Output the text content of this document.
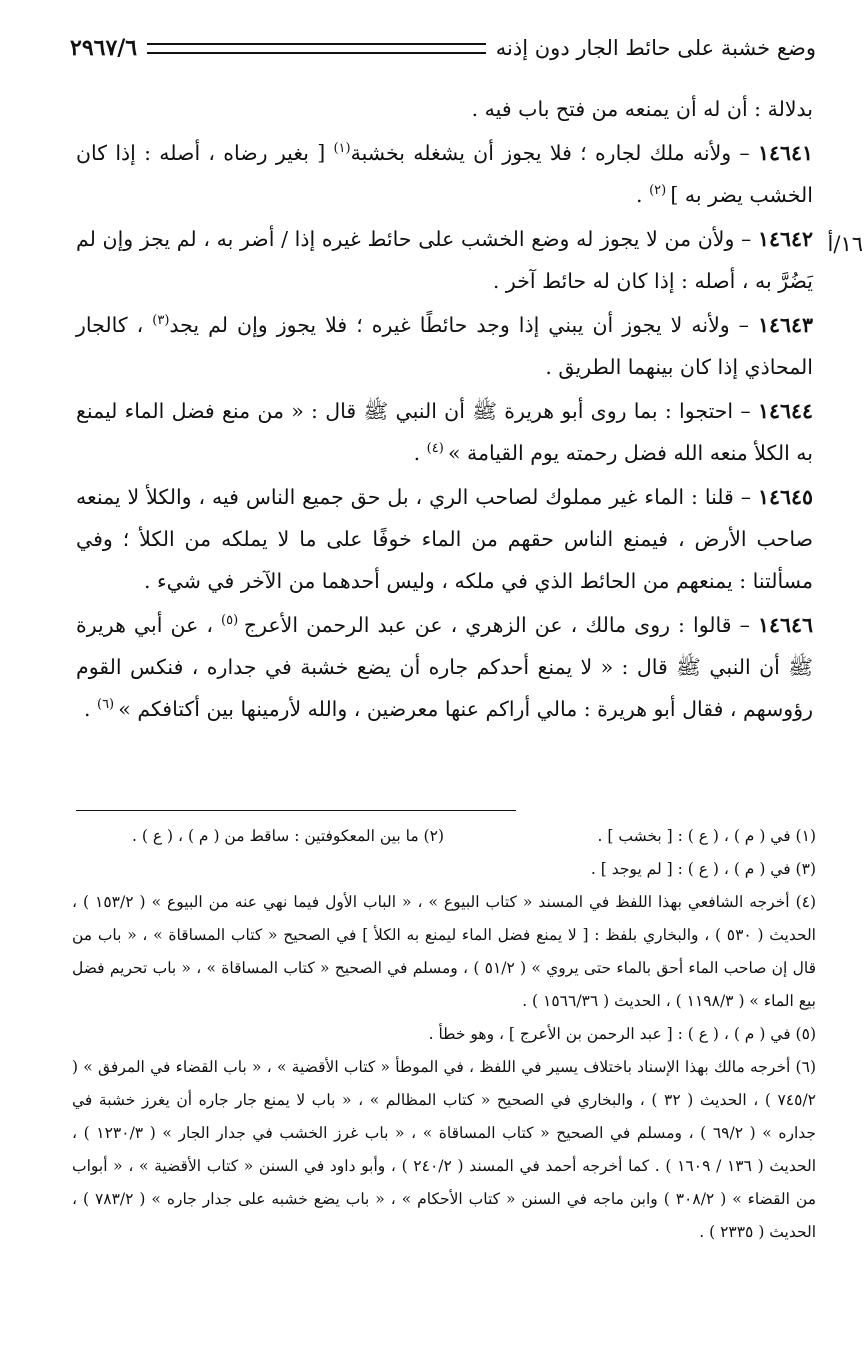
وضع خشبة على حائط الجار دون إذنه
٢٩٦٧/٦
١٦/أ

بدلالة : أن له أن يمنعه من فتح باب فيه .

١٤٦٤١ – ولأنه ملك لجاره ؛ فلا يجوز أن يشغله بخشبة$^{(١)}$ [ بغير رضاه ، أصله : إذا كان الخشب يضر به ] $^{(٢)}$ .

١٤٦٤٢ – ولأن من لا يجوز له وضع الخشب على حائط غيره إذا / أضر به ، لم يجز وإن لم يَضُرَّ به ، أصله : إذا كان له حائط آخر .

١٤٦٤٣ – ولأنه لا يجوز أن يبني إذا وجد حائطًا غيره ؛ فلا يجوز وإن لم يجد$^{(٣)}$ ، كالجار المحاذي إذا كان بينهما الطريق .

١٤٦٤٤ – احتجوا : بما روى أبو هريرة ﷺ أن النبي ﷺ قال : « من منع فضل الماء ليمنع به الكلأ منعه الله فضل رحمته يوم القيامة » $^{(٤)}$ .

١٤٦٤٥ – قلنا : الماء غير مملوك لصاحب الري ، بل حق جميع الناس فيه ، والكلأ لا يمنعه صاحب الأرض ، فيمنع الناس حقهم من الماء خوفًا على ما لا يملكه من الكلأ ؛ وفي مسألتنا : يمنعهم من الحائط الذي في ملكه ، وليس أحدهما من الآخر في شيء .

١٤٦٤٦ – قالوا : روى مالك ، عن الزهري ، عن عبد الرحمن الأعرج $^{(٥)}$ ، عن أبي هريرة ﷺ أن النبي ﷺ قال : « لا يمنع أحدكم جاره أن يضع خشبة في جداره ، فنكس القوم رؤوسهم ، فقال أبو هريرة : مالي أراكم عنها معرضين ، والله لأرمينها بين أكتافكم » $^{(٦)}$ .

(١) في ( م ) ، ( ع ) : [ بخشب ] .

(٢) ما بين المعكوفتين : ساقط من ( م ) ، ( ع ) .

(٣) في ( م ) ، ( ع ) : [ لم يوجد ] .

(٤) أخرجه الشافعي بهذا اللفظ في المسند « كتاب البيوع » ، « الباب الأول فيما نهي عنه من البيوع » ( ١٥٣/٢ ) ، الحديث ( ٥٣٠ ) ، والبخاري بلفظ : [ لا يمنع فضل الماء ليمنع به الكلأ ] في الصحيح « كتاب المساقاة » ، « باب من قال إن صاحب الماء أحق بالماء حتى يروي » ( ٥١/٢ ) ، ومسلم في الصحيح « كتاب المساقاة » ، « باب تحريم فضل بيع الماء » ( ١١٩٨/٣ ) ، الحديث ( ١٥٦٦/٣٦ ) .

(٥) في ( م ) ، ( ع ) : [ عبد الرحمن بن الأعرج ] ، وهو خطأ .

(٦) أخرجه مالك بهذا الإسناد باختلاف يسير في اللفظ ، في الموطأ « كتاب الأقضية » ، « باب القضاء في المرفق » ( ٧٤٥/٢ ) ، الحديث ( ٣٢ ) ، والبخاري في الصحيح « كتاب المظالم » ، « باب لا يمنع جار جاره أن يغرز خشبة في جداره » ( ٦٩/٢ ) ، ومسلم في الصحيح « كتاب المساقاة » ، « باب غرز الخشب في جدار الجار » ( ١٢٣٠/٣ ) ، الحديث ( ١٣٦ / ١٦٠٩ ) . كما أخرجه أحمد في المسند ( ٢٤٠/٢ ) ، وأبو داود في السنن « كتاب الأقضية » ، « أبواب من القضاء » ( ٣٠٨/٢ ) وابن ماجه في السنن « كتاب الأحكام » ، « باب يضع خشبه على جدار جاره » ( ٧٨٣/٢ ) ، الحديث ( ٢٣٣٥ ) .
